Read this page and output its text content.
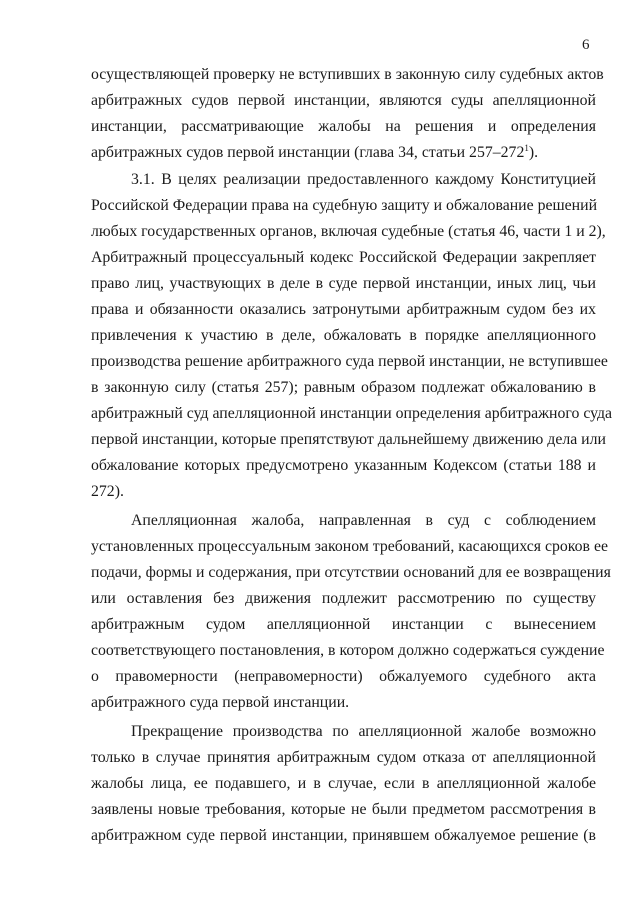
6
осуществляющей проверку не вступивших в законную силу судебных актов
арбитражных судов первой инстанции, являются суды апелляционной
инстанции, рассматривающие жалобы на решения и определения
арбитражных судов первой инстанции (глава 34, статьи $257-272^1$).
3.1. В целях реализации предоставленного каждому Конституцией
Российской Федерации права на судебную защиту и обжалование решений
любых государственных органов, включая судебные (статья 46, части 1 и 2),
Арбитражный процессуальный кодекс Российской Федерации закрепляет
право лиц, участвующих в деле в суде первой инстанции, иных лиц, чьи
права и обязанности оказались затронутыми арбитражным судом без их
привлечения к участию в деле, обжаловать в порядке апелляционного
производства решение арбитражного суда первой инстанции, не вступившее
в законную силу (статья 257); равным образом подлежат обжалованию в
арбитражный суд апелляционной инстанции определения арбитражного суда
первой инстанции, которые препятствуют дальнейшему движению дела или
обжалование которых предусмотрено указанным Кодексом (статьи 188 и
272).
Апелляционная жалоба, направленная в суд с соблюдением
установленных процессуальным законом требований, касающихся сроков ее
подачи, формы и содержания, при отсутствии оснований для ее возвращения
или оставления без движения подлежит рассмотрению по существу
арбитражным судом апелляционной инстанции с вынесением
соответствующего постановления, в котором должно содержаться суждение
о правомерности (неправомерности) обжалуемого судебного акта
арбитражного суда первой инстанции.
Прекращение производства по апелляционной жалобе возможно
только в случае принятия арбитражным судом отказа от апелляционной
жалобы лица, ее подавшего, и в случае, если в апелляционной жалобе
заявлены новые требования, которые не были предметом рассмотрения в
арбитражном суде первой инстанции, принявшем обжалуемое решение (в
